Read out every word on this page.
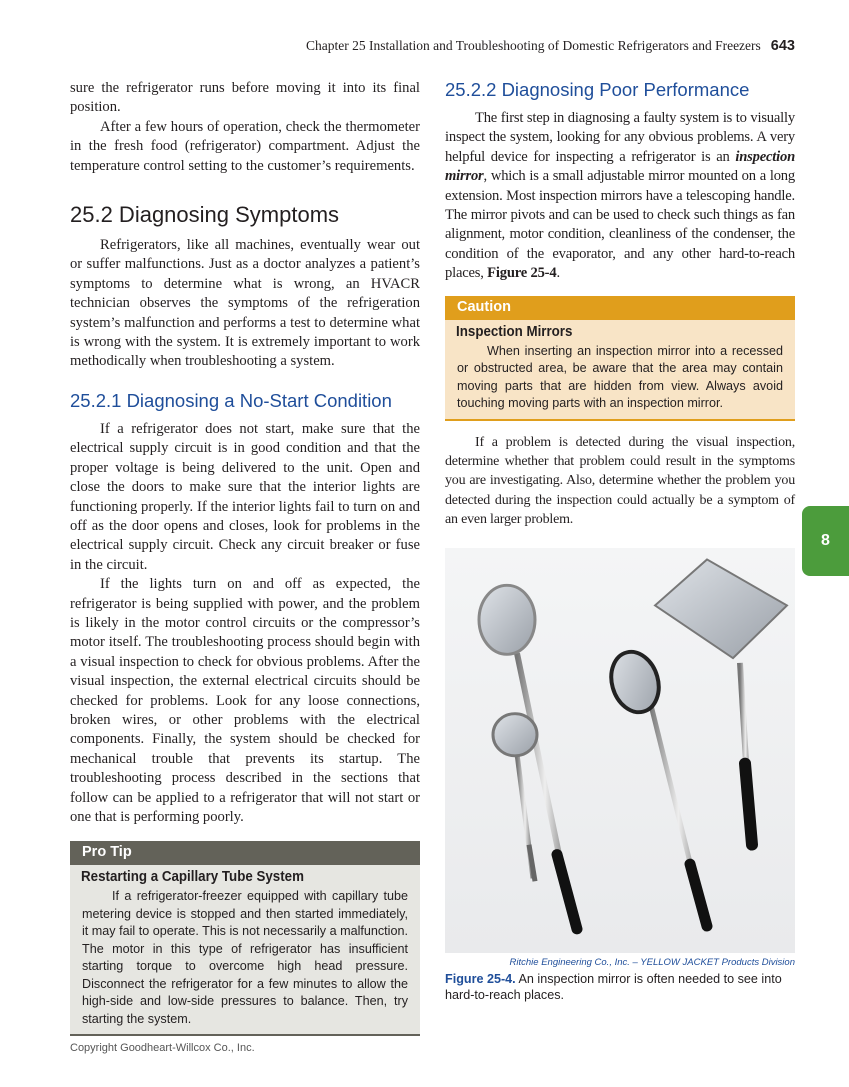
Chapter 25 Installation and Troubleshooting of Domestic Refrigerators and Freezers 643

sure the refrigerator runs before moving it into its final position.

After a few hours of operation, check the thermometer in the fresh food (refrigerator) compartment. Adjust the temperature control setting to the customer’s requirements.

25.2 Diagnosing Symptoms

Refrigerators, like all machines, eventually wear out or suffer malfunctions. Just as a doctor analyzes a patient’s symptoms to determine what is wrong, an HVACR technician observes the symptoms of the refrigeration system’s malfunction and performs a test to determine what is wrong with the system. It is extremely important to work methodically when troubleshooting a system.

25.2.1 Diagnosing a No-Start Condition

If a refrigerator does not start, make sure that the electrical supply circuit is in good condition and that the proper voltage is being delivered to the unit. Open and close the doors to make sure that the interior lights are functioning properly. If the interior lights fail to turn on and off as the door opens and closes, look for problems in the electrical supply circuit. Check any circuit breaker or fuse in the circuit.

If the lights turn on and off as expected, the refrigerator is being supplied with power, and the problem is likely in the motor control circuits or the compressor’s motor itself. The troubleshooting process should begin with a visual inspection to check for obvious problems. After the visual inspection, the external electrical circuits should be checked for problems. Look for any loose connections, broken wires, or other problems with the electrical components. Finally, the system should be checked for mechanical trouble that prevents its startup. The troubleshooting process described in the sections that follow can be applied to a refrigerator that will not start or one that is performing poorly.

Pro Tip
Restarting a Capillary Tube System
If a refrigerator-freezer equipped with capillary tube metering device is stopped and then started immediately, it may fail to operate. This is not necessarily a malfunction. The motor in this type of refrigerator has insufficient starting torque to overcome high head pressure. Disconnect the refrigerator for a few minutes to allow the high-side and low-side pressures to balance. Then, try starting the system.
25.2.2 Diagnosing Poor Performance

The first step in diagnosing a faulty system is to visually inspect the system, looking for any obvious problems. A very helpful device for inspecting a refrigerator is an inspection mirror, which is a small adjustable mirror mounted on a long extension. Most inspection mirrors have a telescoping handle. The mirror pivots and can be used to check such things as fan alignment, motor condition, cleanliness of the condenser, the condition of the evaporator, and any other hard-to-reach places, Figure 25-4.

Caution
Inspection Mirrors
When inserting an inspection mirror into a recessed or obstructed area, be aware that the area may contain moving parts that are hidden from view. Always avoid touching moving parts with an inspection mirror.

If a problem is detected during the visual inspection, determine whether that problem could result in the symptoms you are investigating. Also, determine whether the problem you detected during the inspection could actually be a symptom of an even larger problem.

Ritchie Engineering Co., Inc. – YELLOW JACKET Products Division
Figure 25-4. An inspection mirror is often needed to see into hard-to-reach places.
8
Copyright Goodheart-Willcox Co., Inc.
